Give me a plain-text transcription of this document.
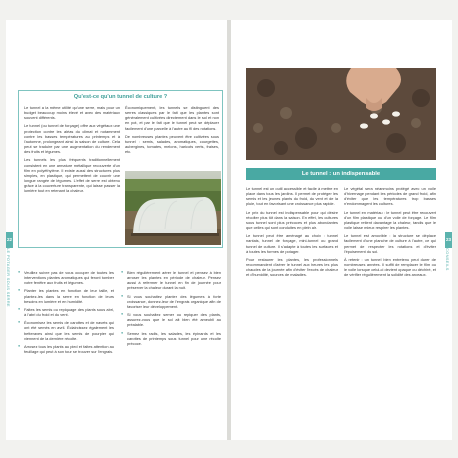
Qu'est-ce qu'un tunnel de culture ?

Le tunnel a la même utilité qu'une serre, mais pour un budget beaucoup moins élevé et avec des matériaux souvent différents.

Le tunnel (ou tunnel de forçage) offre aux végétaux une protection contre les aléas du climat et notamment contre les basses températures au printemps et à l'automne, prolongeant ainsi la saison de culture. Cela peut se traduire par une augmentation du rendement des fruits et légumes.

Les tunnels les plus fréquents traditionnellement consistent en une armature métallique recouverte d'un film en polyéthylène. Il existe aussi des structures plus simples, en plastique, qui permettent de couvrir une longue rangée de légumes. L'effet de serre est obtenu grâce à la couverture transparente, qui laisse passer la lumière tout en retenant la chaleur.

Économiquement, les tunnels se distinguent des serres classiques par le fait que les plantes sont généralement cultivées directement dans le sol et non en pot, et par le fait que le tunnel peut se déplacer facilement d'une parcelle à l'autre au fil des rotations.

De nombreuses plantes peuvent être cultivées sous tunnel : semis, salades, aromatiques, courgettes, aubergines, tomates, melons, haricots verts, fraises, etc.

● Veuillez suivre pas de vous occuper de toutes les interventions plantes aromatiques qui feront tomber votre fenêtre aux fruits et légumes.

● Planter les plantes en fonction de leur taille, et plantez-les dans la serre en fonction de leurs besoins en lumière et en humidité.

● Faites les semis ou repiquage des plants sous abri, à l'abri du froid et du vent.

● Économisez les semis de carottes et de navets qui ont été semés en avril. Éclaircissez également les betteraves ainsi que les semis de pourpier qui viennent de la dernière récolte.

● Arrosez tous les plants au pied et faites attention au feuillage qui peut à son tour se trouver sur l'engrais.

● Bien régulièrement aérer le tunnel et pensez à bien arroser les plantes en période de chaleur. Pensez aussi à refermer le tunnel en fin de journée pour préserver la chaleur durant la nuit.

● Si vous souhaitez planter des légumes à forte croissance, donnez-leur de l'engrais organique afin de favoriser leur développement.

● Si vous souhaitez semer ou repiquer des plants, assurez-vous que le sol ait bien été ameubli au préalable.

● Semez les radis, les salades, les épinards et les carottes de printemps sous tunnel pour une récolte précoce.

22
LE POTAGER SOUS SERRE
Le tunnel : un indispensable

Le tunnel est un outil accessible et facile à mettre en place dans tous les jardins. Il permet de protéger les semis et les jeunes plants du froid, du vent et de la pluie, tout en favorisant une croissance plus rapide.

Le prix du tunnel est indispensable pour qui désire récolter plus tôt dans la saison. En effet, les cultures sous tunnel sont plus précoces et plus abondantes que celles qui sont conduites en plein air.

Le tunnel peut être aménagé au choix : tunnel nantais, tunnel de forçage, mini-tunnel ou grand tunnel de culture. Il s'adapte à toutes les surfaces et à toutes les formes de potager.

Pour restaurer les plantes, les professionnels recommandent d'aérer le tunnel aux heures les plus chaudes de la journée afin d'éviter l'excès de chaleur et d'humidité, sources de maladies.

Le végétal sera néanmoins protégé avec un voile d'hivernage pendant les périodes de grand froid, afin d'éviter que les températures trop basses n'endommagent les cultures.

Le tunnel en matériau : le tunnel peut être recouvert d'un film plastique ou d'un voile de forçage. Le film plastique retient davantage la chaleur, tandis que le voile laisse mieux respirer les plantes.

Le tunnel est amovible : la structure se déplace facilement d'une planche de culture à l'autre, ce qui permet de respecter les rotations et d'éviter l'épuisement du sol.

À retenir : un tunnel bien entretenu peut durer de nombreuses années. Il suffit de remplacer le film ou le voile lorsque celui-ci devient opaque ou déchiré, et de vérifier régulièrement la solidité des arceaux.

23
CONSEILS
